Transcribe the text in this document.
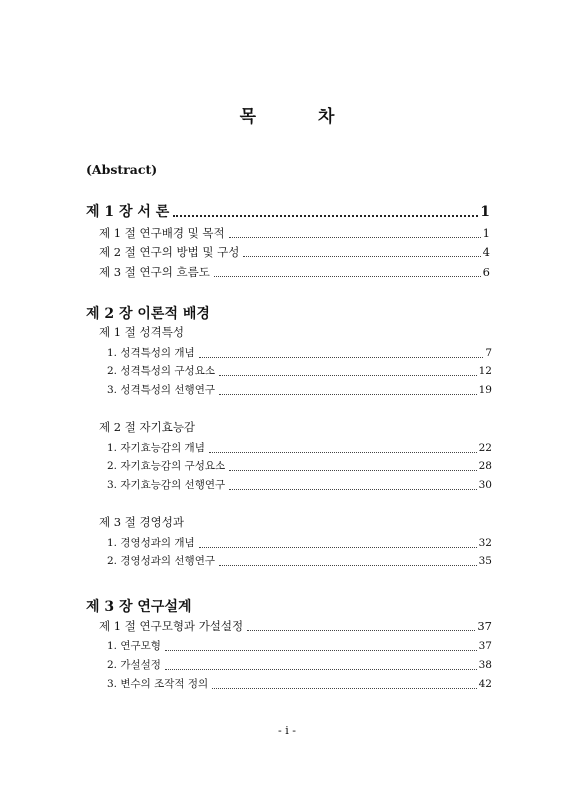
목 차
(Abstract)
제 1 장 서 론	1
제 1 절 연구배경 및 목적	1
제 2 절 연구의 방법 및 구성	4
제 3 절 연구의 흐름도	6
제 2 장 이론적 배경
제 1 절 성격특성
1. 성격특성의 개념	7
2. 성격특성의 구성요소	12
3. 성격특성의 선행연구	19
제 2 절 자기효능감
1. 자기효능감의 개념	22
2. 자기효능감의 구성요소	28
3. 자기효능감의 선행연구	30
제 3 절 경영성과
1. 경영성과의 개념	32
2. 경영성과의 선행연구	35
제 3 장 연구설계
제 1 절 연구모형과 가설설정	37
1. 연구모형	37
2. 가설설정	38
3. 변수의 조작적 정의	42
- i -
